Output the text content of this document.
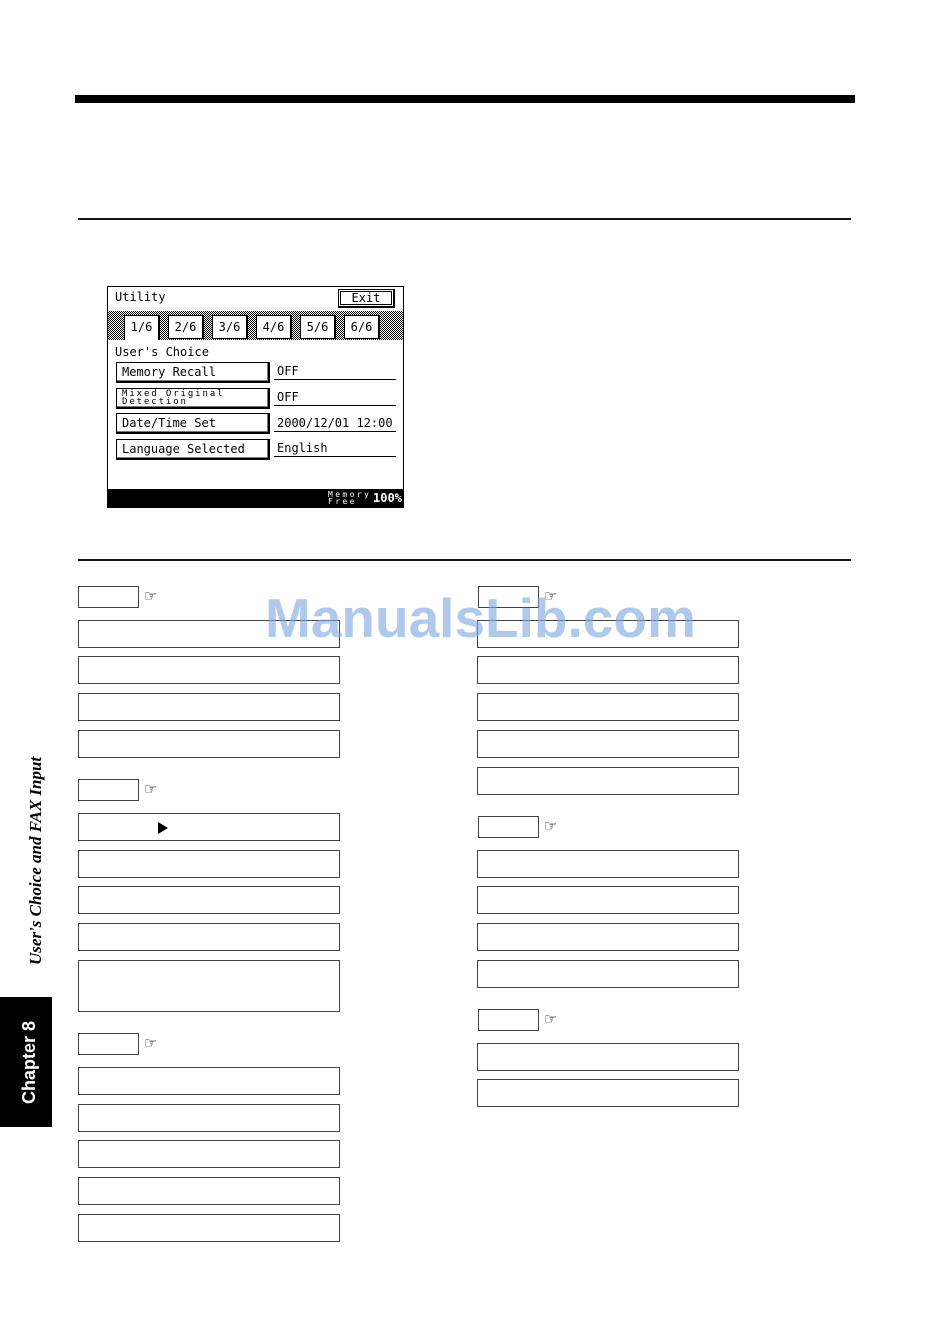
Utility	Exit
1/6	2/6	3/6	4/6	5/6	6/6
User's Choice
Memory Recall	OFF
Mixed Original
Detection	OFF
Date/Time Set	2000/12/01 12:00
Language Selected	English
Memory
Free	100%
☞
☞
☞
☞
☞
☞
User's Choice and FAX Input
Chapter 8
ManualsLib.com
